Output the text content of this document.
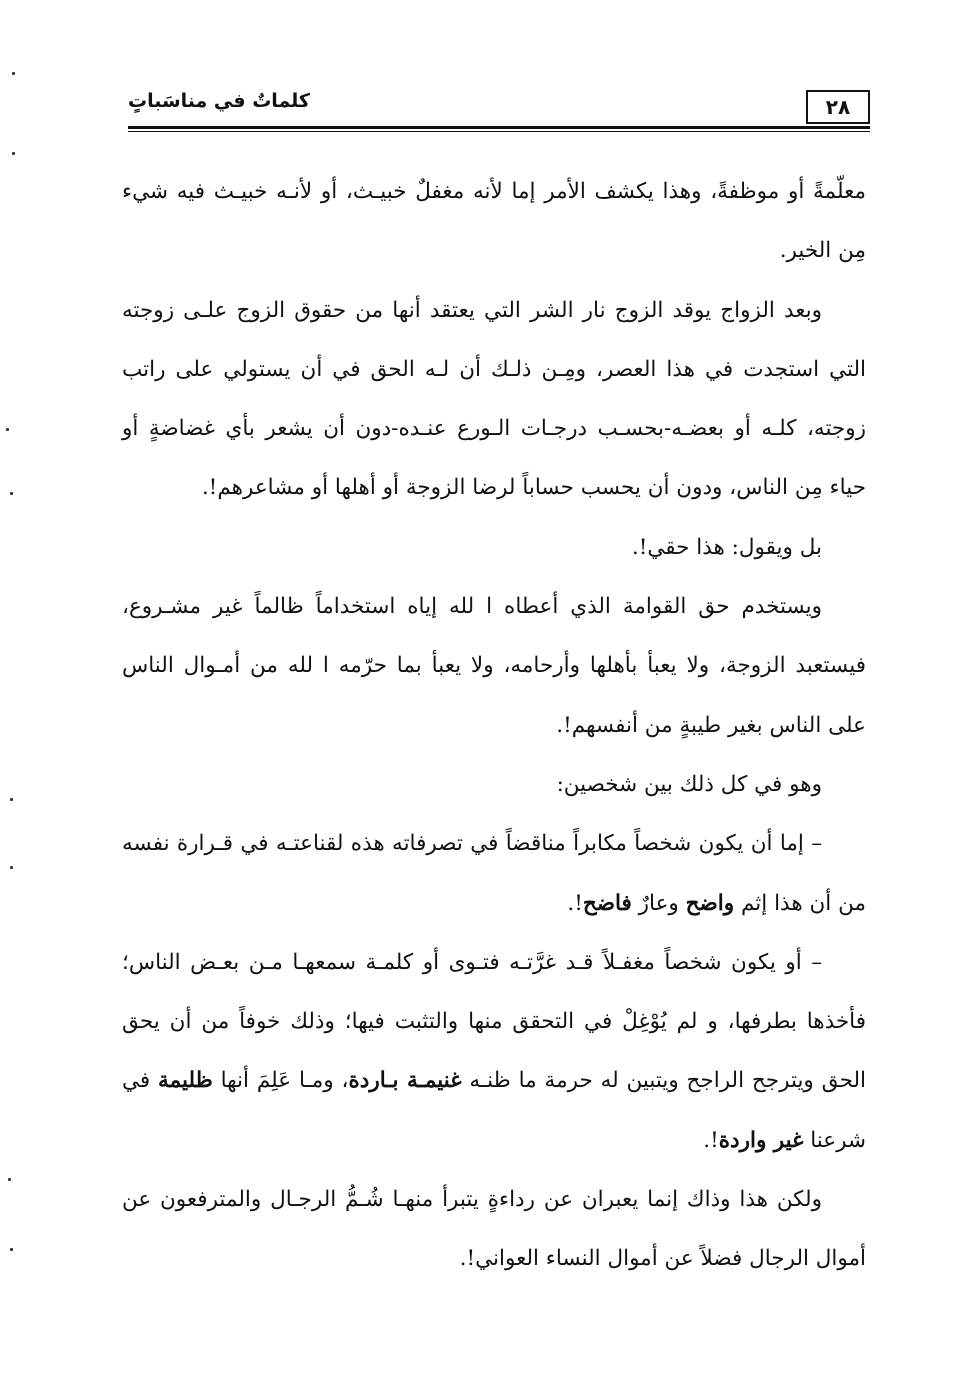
٢٨
كلماتٌ في مناسَباتٍ

معلّمةً أو موظفةً، وهذا يكشف الأمر إما لأنه مغفلٌ خبيـث، أو لأنـه خبيـث فيه شيء مِن الخير.

وبعد الزواج يوقد الزوج نار الشر التي يعتقد أنها من حقوق الزوج علـى زوجته التي استجدت في هذا العصر، ومِـن ذلـك أن لـه الحق في أن يستولي على راتب زوجته، كلـه أو بعضـه-بحسـب درجـات الـورع عنـده-دون أن يشعر بأي غضاضةٍ أو حياء مِن الناس، ودون أن يحسب حساباً لرضا الزوجة أو أهلها أو مشاعرهم!.

بل ويقول: هذا حقي!.

ويستخدم حق القوامة الذي أعطاه ا لله إياه استخداماً ظالماً غير مشـروع، فيستعبد الزوجة، ولا يعبأ بأهلها وأرحامه، ولا يعبأ بما حرّمه ا لله من أمـوال الناس على الناس بغير طيبةٍ من أنفسهم!.

وهو في كل ذلك بين شخصين:

– إما أن يكون شخصاً مكابراً مناقضاً في تصرفاته هذه لقناعتـه في قـرارة نفسه من أن هذا إثم واضح وعارٌ فاضح!.

– أو يكون شخصاً مغفـلاً قـد غرَّتـه فتـوى أو كلمـة سمعهـا مـن بعـض الناس؛ فأخذها بطرفها، و لم يُوْغِلْ في التحقق منها والتثبت فيها؛ وذلك خوفاً من أن يحق الحق ويترجح الراجح ويتبين له حرمة ما ظنـه غنيمـة بـاردة، ومـا عَلِمَ أنها ظليمة في شرعنا غير واردة!.

ولكن هذا وذاك إنما يعبران عن رداءةٍ يتبرأ منهـا شُـمُّ الرجـال والمترفعون عن أموال الرجال فضلاً عن أموال النساء العواني!.
